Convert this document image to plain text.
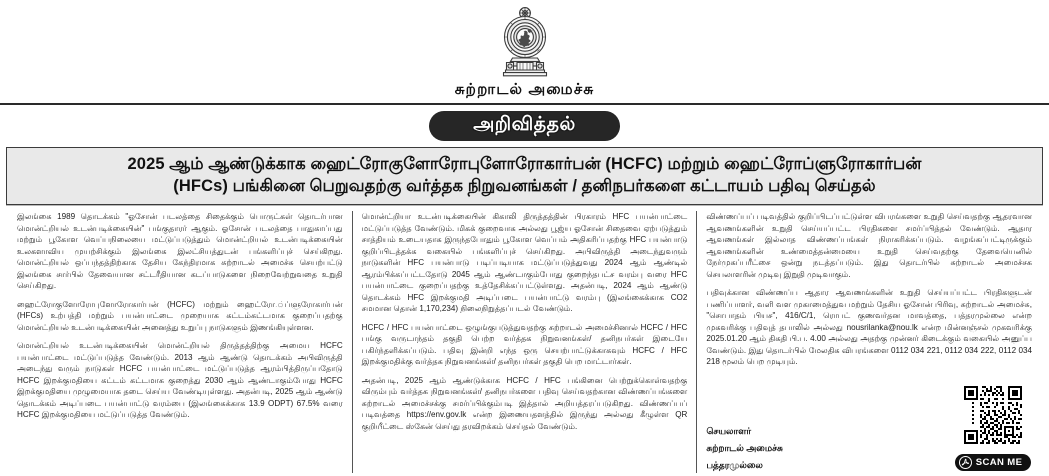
சுற்றாடல் அமைச்சு
அறிவித்தல்
2025 ஆம் ஆண்டுக்காக ஹைட்ரோகுளோரோபுளோரோகார்பன் (HCFC) மற்றும் ஹைட்ரோப்ளுரோகார்பன்
(HFCs) பங்கினை பெறுவதற்கு வர்த்தக நிறுவனங்கள் / தனிநபர்களை கட்டாயம் பதிவு செய்தல்

இலங்கை 1989 தொடக்கம் "ஓசோன் படலத்தை சிதைக்கும் பொருட்கள் தொடர்பான மொன்ட்றியல் உடன்படிக்கையின்" பங்குதாரர் ஆகும். ஓசோன் படலத்தை பாதுகாப்பது மற்றும் பூகோள வெப்பநிலையை மட்டுப்படுத்தும் மொன்ட்றியல் உடன்படிக்கையின் உலகளாவிய முயற்சிக்கும் இலங்கை இலட்சியத்துடன் பங்களிப்புச் செய்கிறது. மொன்ட்றியல் ஒப்பந்தத்திற்காக தேசிய கேந்திரமாக சுற்றாடல் அமைச்சு செயற்பட்டு இலங்கை சார்பில் தேவையான சட்டரீதியான கடப்பாடுகளை நிறைவேற்றுவதை உறுதி செய்கிறது.

ஹைட்ரோகுளோரோபுளோரோகார்பன் (HCFC) மற்றும் ஹைட்ரோ.்ப்ளுரோகார்பன் (HFCs) உற்பத்தி மற்றும் பயன்பாட்டை முறையாக கட்டம்கட்டமாக குறைப்பதற்கு மொன்ட்றியல் உடன்படிக்கையின் அனைத்து உறுப்பு நாடுகளும் இணங்கியுள்ளன.

மொன்ட்றியல் உடன்படிக்கையின் மொன்ட்றியல் திருத்தத்திற்கு அமைய HCFC பயன்பாட்டை மட்டுப்படுத்த வேண்டும். 2013 ஆம் ஆண்டு தொடக்கம் அபிவிருத்தி அடைந்து வரும் நாடுகள் HCFC பயன்பாட்டை மட்டுப்படுத்த ஆரம்பித்திருப்பதோடு HCFC இறக்குமதியை கட்டம் கட்டமாக குறைத்து 2030 ஆம் ஆண்டாகும்போது HCFC இறக்குமதியை முழுமையாக தடை செய்ய வேண்டியுள்ளது. அதன்படி, 2025 ஆம் ஆண்டு தொடக்கம் அடிப்படை பயன்பாட்டு வரம்பை (இலங்கைக்காக 13.9 ODPT) 67.5% வரை HCFC இறக்குமதியை மட்டுப்படுத்த வேண்டும்.

மொன்ட்றியா உடன்படிக்கையின் கிகாலி திருத்தத்தின் பிரகாரம் HFC பயன்பாட்டை மட்டுப்படுத்த வேண்டும். மிகக் குறைவாக அல்லது பூஜ்ய ஓசோன் சிதைவை ஏற்படுத்தும் சாத்தியம் உடையதாக இருந்தபோதும் பூகோள வெப்பம் அதிகரிப்பதற்கு HFC பயன்பாடு குறிப்பிடத்தக்க வகையில் பங்களிப்புச் செய்கிறது. அபிவிருத்தி அடைந்துவரும் நாடுகளின் HFC பயன்பாடு படிப்படியாக மட்டுப்படுத்துவது 2024 ஆம் ஆண்டில் ஆரம்பிக்கப்பட்டதோடு 2045 ஆம் ஆண்டாகும்போது குறைந்தபட்ச வரம்பு வரை HFC பயன்பாட்டை குறைப்பதற்கு உத்தேசிக்கப்பட்டுள்ளது. அதன்படி, 2024 ஆம் ஆண்டு தொடக்கம் HFC இறக்குமதி அடிப்படை பயன்பாட்டு வரம்பு (இலங்கைக்காக CO2 சமமான தொன் 1,170,234) நிலைநிறுத்தப்படல் வேண்டும்.

HCFC / HFC பயன்பாட்டை ஒழுங்குபடுத்துவதற்கு சுற்றாடல் அமைச்சினால் HCFC / HFC பங்கு வருடாந்தம் தகுதி பெற்ற வர்த்தக நிறுவனங்கள்/ தனிநபர்கள் இடையே பகிர்ந்தளிக்கப்படும். பதிவு இன்றி எந்த ஒரு செயற்பாட்டுக்காகவும் HCFC / HFC இறக்குமதிக்கு வர்த்தக நிறுவனங்கள்/ தனிநபர்கள் தகுதி பெற மாட்டார்கள்.

அதன்படி, 2025 ஆம் ஆண்டுக்காக HCFC / HFC பங்கினை பெற்றுக்கொள்வதற்கு விரும்பும் வர்த்தக நிறுவனங்கள்/ தனிநபர்களை பதிவு செய்வதற்கான விண்ணப்பங்களை சுற்றாடல் அமைச்சக்கு சமர்ப்பிக்கும்படி இத்தால் அறியத்தரப்படுகிறது. விண்ணப்பப் படிவத்தை https://env.gov.lk என்ற இணையதளத்தில் இருந்து அல்லது கீழுள்ள QR குறியீட்டை ஸ்கேன் செய்து தரவிறக்கம் செய்தல் வேண்டும்.

விண்ணப்பப் படிவத்தில் குறிப்பிடப்பட்டுள்ள விபரங்களை உறுதி செய்வதற்கு ஆதரவான ஆவணங்களின் உறுதி செய்யப்பட்ட பிரதிகளை சமர்ப்பித்தல் வேண்டும். ஆதார ஆவணங்கள் இல்லாத விண்ணப்பங்கள் நிராகரிக்கப்படும். வழங்கப்பட்டிருக்கும் ஆவணங்களின் உண்மைத்தன்மையை உறுதி செய்வதற்கு தேவையெனில் நேர்முகப்பரீட்சை ஒன்று நடத்தப்படும். இது தொடர்பில் சுற்றாடல் அமைச்சக செயலாளரின் முடிவு இறுதி முடிவாகும்.

பதிவுக்கான விண்ணப்ப ஆதார ஆவணங்களின் உறுதி செய்யப்பட்ட பிரதிகளுடன் பணிப்பாளர், வளி வள முகாமைத்துவ மற்றும் தேசிய ஓசோன் பிரிவு, சுற்றாடல் அமைச்சு, "சொபாதம் பியச", 416/C/1, ரொபட் குணவர்தன மாவத்தை, பத்தரமுல்லை என்ற முகவரிக்கு பதிவுத் தபாலில் அல்லது nousrilanka@nou.lk என்ற மின்னஞ்சல் முகவரிக்கு 2025.01.20 ஆம் திகதி பி.ப. 4.00 அல்லது அதற்கு முன்னர் கிடைக்கும் வகையில் அனுப்ப வேண்டும். இது தொடர்பில் மேலதிக விபரங்களை 0112 034 221, 0112 034 222, 0112 034 218 மூலம் பெற முடியும்.

செயலாளர்
சுற்றாடல் அமைச்சு
பத்தரமுல்லை	SCAN ME
